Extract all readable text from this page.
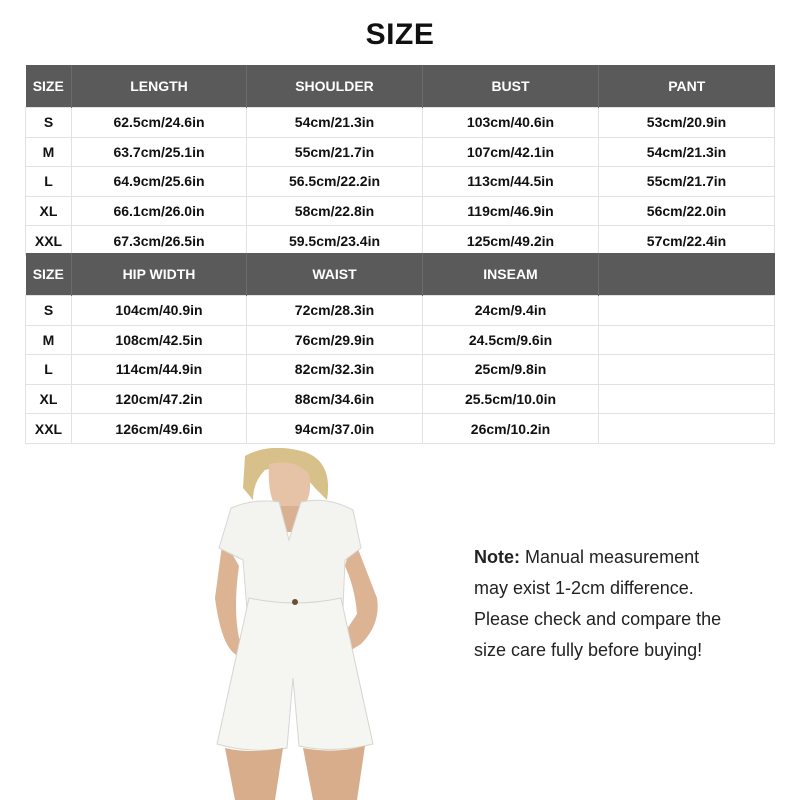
SIZE
SIZE	LENGTH	SHOULDER	BUST	PANT
S	62.5cm/24.6in	54cm/21.3in	103cm/40.6in	53cm/20.9in
M	63.7cm/25.1in	55cm/21.7in	107cm/42.1in	54cm/21.3in
L	64.9cm/25.6in	56.5cm/22.2in	113cm/44.5in	55cm/21.7in
XL	66.1cm/26.0in	58cm/22.8in	119cm/46.9in	56cm/22.0in
XXL	67.3cm/26.5in	59.5cm/23.4in	125cm/49.2in	57cm/22.4in
SIZE	HIP WIDTH	WAIST	INSEAM	
S	104cm/40.9in	72cm/28.3in	24cm/9.4in	
M	108cm/42.5in	76cm/29.9in	24.5cm/9.6in	
L	114cm/44.9in	82cm/32.3in	25cm/9.8in	
XL	120cm/47.2in	88cm/34.6in	25.5cm/10.0in	
XXL	126cm/49.6in	94cm/37.0in	26cm/10.2in	
Note: Manual measurement
may exist 1-2cm difference.
Please check and compare the
size care fully before buying!
